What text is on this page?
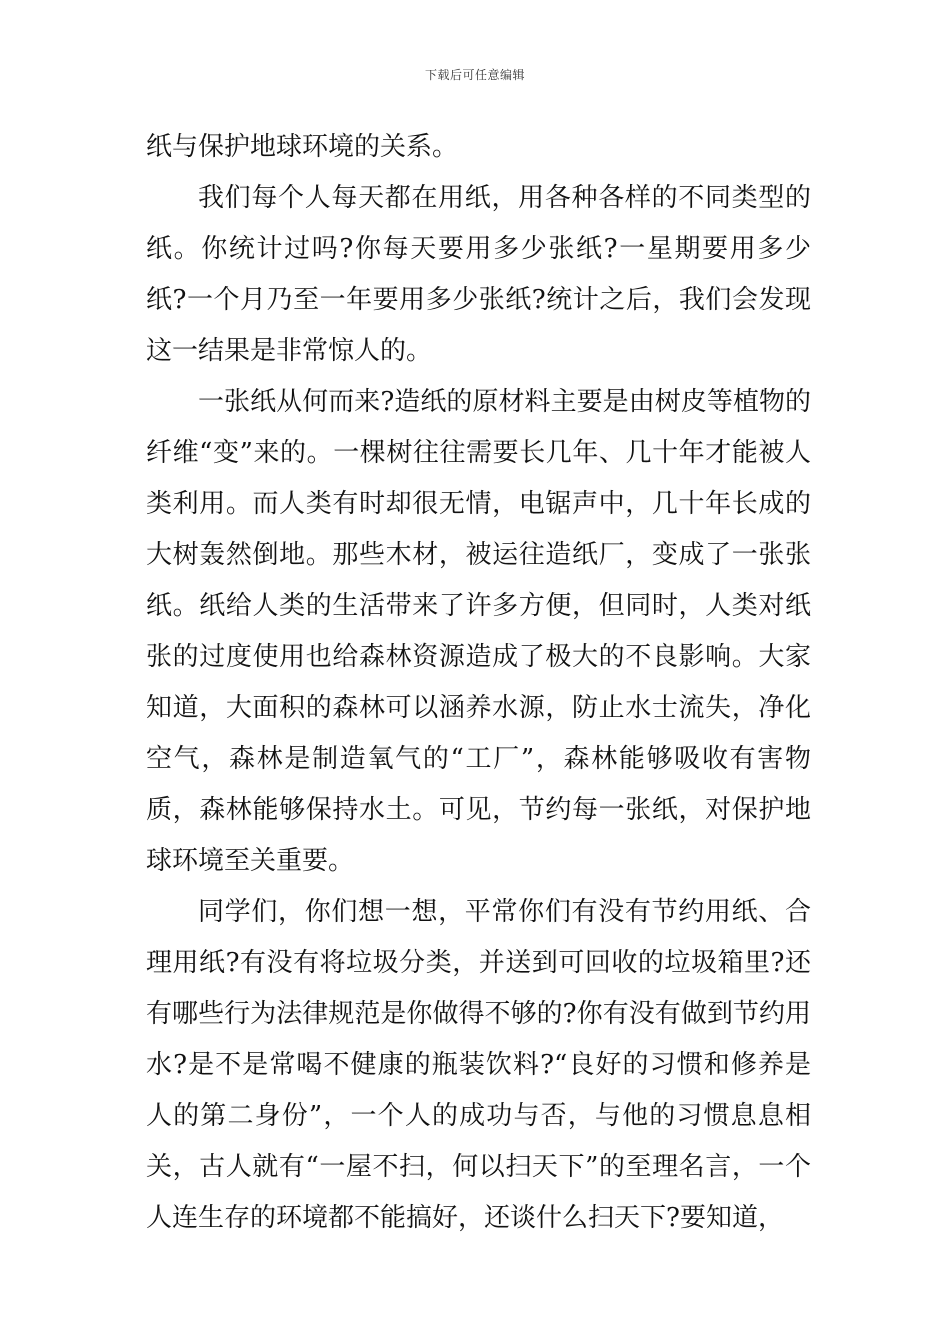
下载后可任意编辑

纸与保护地球环境的关系。

我们每个人每天都在用纸，用各种各样的不同类型的纸。你统计过吗?你每天要用多少张纸?一星期要用多少纸?一个月乃至一年要用多少张纸?统计之后，我们会发现这一结果是非常惊人的。

一张纸从何而来?造纸的原材料主要是由树皮等植物的纤维“变”来的。一棵树往往需要长几年、几十年才能被人类利用。而人类有时却很无情，电锯声中，几十年长成的大树轰然倒地。那些木材，被运往造纸厂，变成了一张张纸。纸给人类的生活带来了许多方便，但同时，人类对纸张的过度使用也给森林资源造成了极大的不良影响。大家知道，大面积的森林可以涵养水源，防止水士流失，净化空气，森林是制造氧气的“工厂”，森林能够吸收有害物质，森林能够保持水土。可见，节约每一张纸，对保护地球环境至关重要。

同学们，你们想一想，平常你们有没有节约用纸、合理用纸?有没有将垃圾分类，并送到可回收的垃圾箱里?还有哪些行为法律规范是你做得不够的?你有没有做到节约用水?是不是常喝不健康的瓶装饮料?“良好的习惯和修养是人的第二身份”，一个人的成功与否，与他的习惯息息相关，古人就有“一屋不扫，何以扫天下”的至理名言，一个人连生存的环境都不能搞好，还谈什么扫天下?要知道，
